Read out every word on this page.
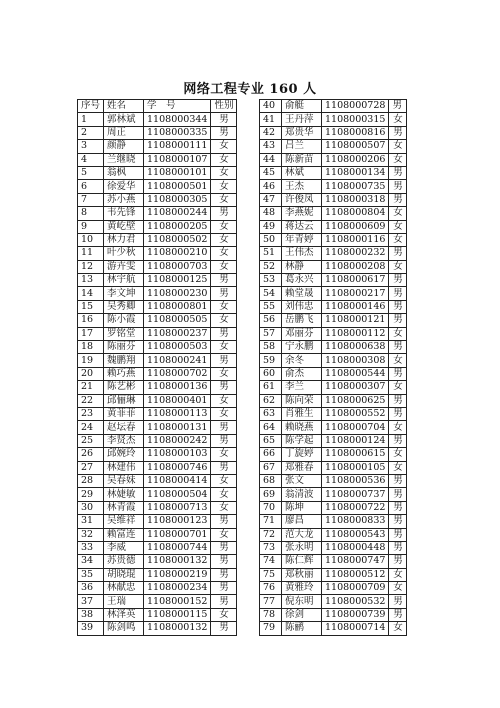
网络工程专业 160 人
序号	姓名	学　号	性别
1	郭林斌	1108000344	男
2	周正	1108000335	男
3	颜静	1108000111	女
4	兰继晓	1108000107	女
5	翁枫	1108000101	女
6	徐爱华	1108000501	女
7	苏小燕	1108000305	女
8	韦先锋	1108000244	男
9	黄屹壁	1108000205	女
10	林力君	1108000502	女
11	叶少秋	1108000210	女
12	游卉雯	1108000703	女
13	林宇航	1108000125	男
14	李文坤	1108000230	男
15	吴秀卿	1108000801	女
16	陈小霞	1108000505	女
17	罗铭堂	1108000237	男
18	陈丽芬	1108000503	女
19	魏鹏翔	1108000241	男
20	赖巧燕	1108000702	女
21	陈艺彬	1108000136	男
22	邱俪琳	1108000401	女
23	黄菲菲	1108000113	女
24	赵坛春	1108000131	男
25	李贤杰	1108000242	男
26	邱婉玲	1108000103	女
27	林建伟	1108000746	男
28	吴春妹	1108000414	女
29	林婕敏	1108000504	女
30	林青霞	1108000713	女
31	吴维祥	1108000123	男
32	赖富连	1108000701	女
33	李威	1108000744	男
34	苏贵德	1108000132	男
35	胡晓琨	1108000219	男
36	林献忠	1108000234	男
37	王瑞	1108000152	男
38	林泽英	1108000115	女
39	陈剑鸣	1108000132	男
40	俞艇	1108000728	男
41	王丹萍	1108000315	女
42	郑贵华	1108000816	男
43	吕兰	1108000507	女
44	陈新苗	1108000206	女
45	林斌	1108000134	男
46	王杰	1108000735	男
47	许俊凤	1108000318	男
48	李燕妮	1108000804	女
49	蒋达云	1108000609	女
50	年青婷	1108000116	女
51	王伟杰	1108000232	男
52	林静	1108000208	女
53	葛永兴	1108000617	男
54	赖堂晟	1108000217	男
55	刘伟忠	1108000146	男
56	岳鹏飞	1108000121	男
57	邓丽芬	1108000112	女
58	宁永鹏	1108000638	男
59	余冬	1108000308	女
60	俞杰	1108000544	男
61	李兰	1108000307	女
62	陈向荣	1108000625	男
63	肖雅生	1108000552	男
64	赖晓燕	1108000704	女
65	陈学起	1108000124	男
66	丁旋婷	1108000615	女
67	郑雅春	1108000105	女
68	张文	1108000536	男
69	翁清波	1108000737	男
70	陈坤	1108000722	男
71	廖昌	1108000833	男
72	范大龙	1108000543	男
73	张永明	1108000448	男
74	陈仁辉	1108000747	男
75	郑秋丽	1108000512	女
76	黄雅玲	1108000709	女
77	倪东明	1108000532	男
78	徐剑	1108000739	男
79	陈鹂	1108000714	女
